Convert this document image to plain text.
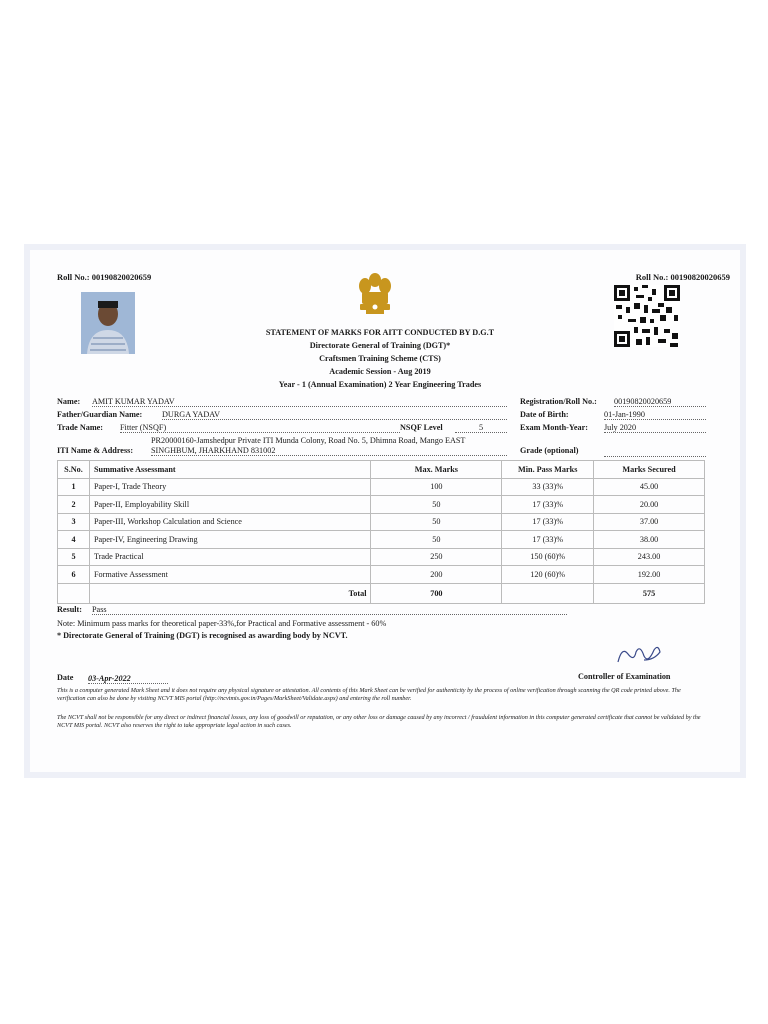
Roll No.: 00190820020659	Roll No.: 00190820020659
STATEMENT OF MARKS FOR AITT CONDUCTED BY D.G.T
Directorate General of Training (DGT)*
Craftsmen Training Scheme (CTS)
Academic Session - Aug 2019
Year - 1 (Annual Examination) 2 Year Engineering Trades
Name: AMIT KUMAR YADAV
Father/Guardian Name: DURGA YADAV
Trade Name: Fitter (NSQF)	NSQF Level	5
PR20000160-Jamshedpur Private ITI Munda Colony, Road No. 5, Dhimna Road, Mango EAST
ITI Name & Address: SINGHBUM, JHARKHAND 831002
Registration/Roll No.: 00190820020659
Date of Birth:	01-Jan-1990
Exam Month-Year: July 2020
Grade (optional)
S.No.	Summative Assessmant	Max. Marks	Min. Pass Marks	Marks Secured
1	Paper-I, Trade Theory	100	33 (33)%	45.00
2	Paper-II, Employability Skill	50	17 (33)%	20.00
3	Paper-III, Workshop Calculation and Science	50	17 (33)%	37.00
4	Paper-IV, Engineering Drawing	50	17 (33)%	38.00
5	Trade Practical	250	150 (60)%	243.00
6	Formative Assessment	200	120 (60)%	192.00
	Total	700		575
Result: Pass
Note: Minimum pass marks for theoretical paper-33%,for Practical and Formative assessment - 60%
* Directorate General of Training (DGT) is recognised as awarding body by NCVT.
Date 03-Apr-2022	Controller of Examination
This is a computer generated Mark Sheet and it does not require any physical signature or attestation. All contents of this Mark Sheet can be verified for authenticity by the process of online verification through scanning the QR code printed above. The verification can also be done by visiting NCVT MIS portal (http://ncvtmis.gov.in/Pages/MarkSheet/Validate.aspx) and entering the roll number.
The NCVT shall not be responsible for any direct or indirect financial losses, any loss of goodwill or reputation, or any other loss or damage caused by any incorrect / fraudulent information in this computer generated certificate that cannot be validated by the NCVT MIS portal. NCVT also reserves the right to take appropriate legal action in such cases.
